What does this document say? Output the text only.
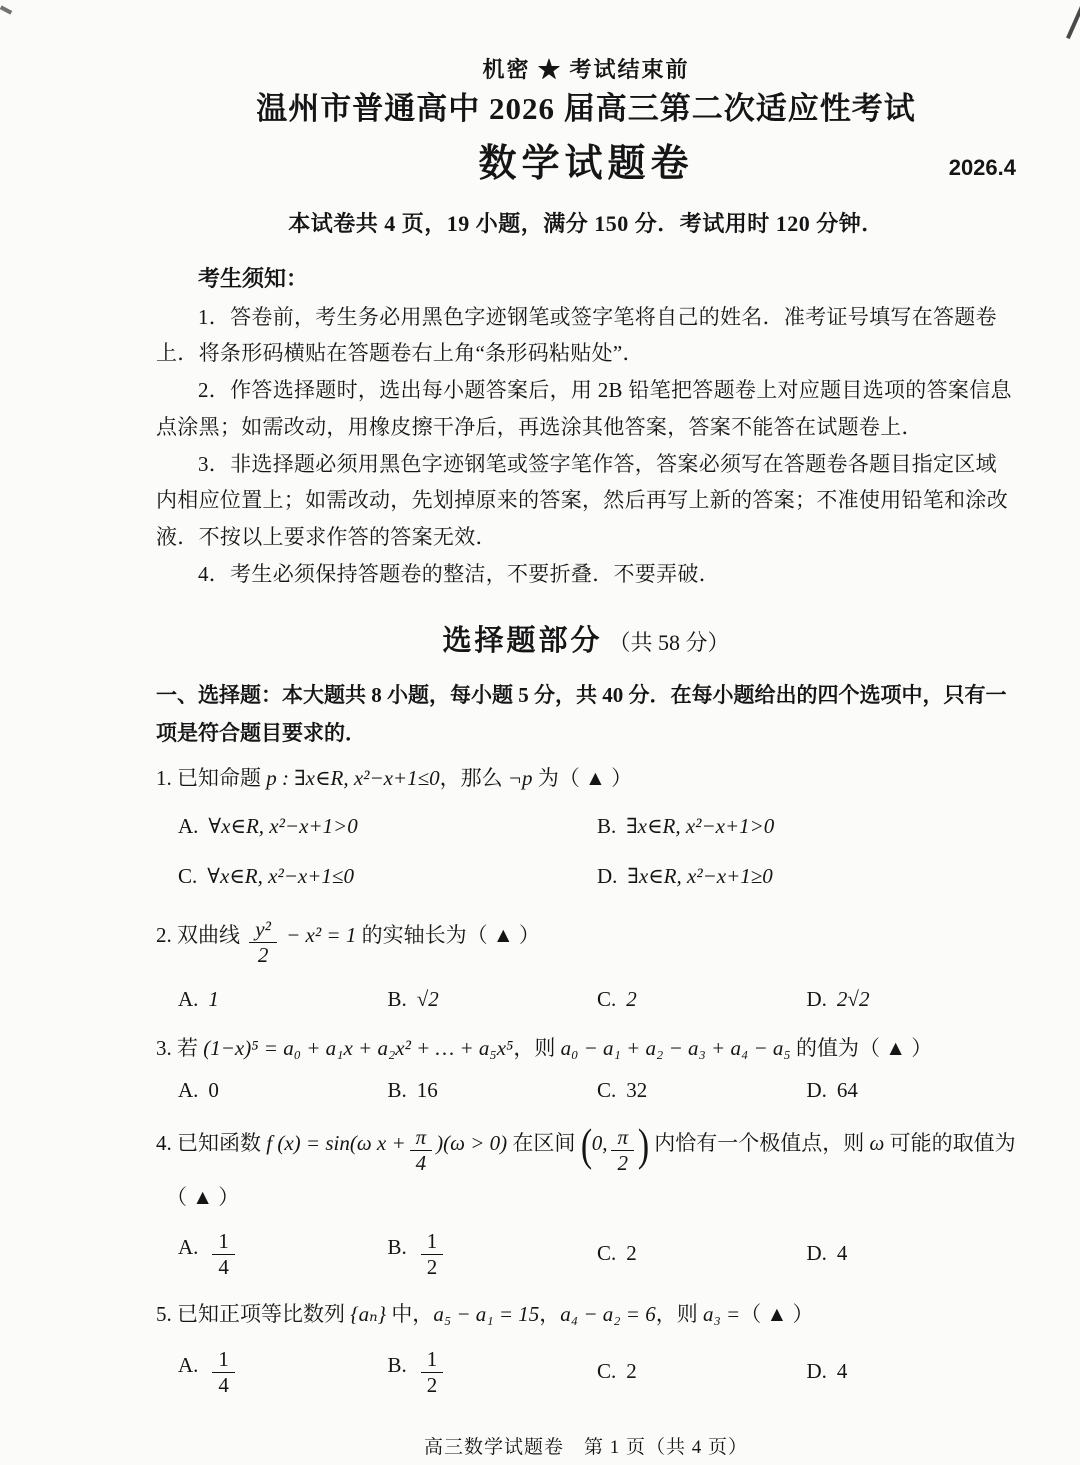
机密 ★ 考试结束前
温州市普通高中 2026 届高三第二次适应性考试
数学试题卷	2026.4
本试卷共 4 页，19 小题，满分 150 分．考试用时 120 分钟．
考生须知：

1．答卷前，考生务必用黑色字迹钢笔或签字笔将自己的姓名．准考证号填写在答题卷上．将条形码横贴在答题卷右上角“条形码粘贴处”．

2．作答选择题时，选出每小题答案后，用 2B 铅笔把答题卷上对应题目选项的答案信息点涂黑；如需改动，用橡皮擦干净后，再选涂其他答案，答案不能答在试题卷上．

3．非选择题必须用黑色字迹钢笔或签字笔作答，答案必须写在答题卷各题目指定区域内相应位置上；如需改动，先划掉原来的答案，然后再写上新的答案；不准使用铅笔和涂改液．不按以上要求作答的答案无效．

4．考生必须保持答题卷的整洁，不要折叠．不要弄破．

选择题部分 （共 58 分）
一、选择题：本大题共 8 小题，每小题 5 分，共 40 分．在每小题给出的四个选项中，只有一项是符合题目要求的．
1. 已知命题 p : ∃x∈R, x²−x+1≤0，那么 ¬p 为（ ▲ ）
A. ∀x∈R, x²−x+1>0	B. ∃x∈R, x²−x+1>0
C. ∀x∈R, x²−x+1≤0	D. ∃x∈R, x²−x+1≥0
2. 双曲线 $\frac{\text{y²}}{2} - x^2 = 1$ 的实轴长为（ ▲ ）
A. 1	B. √2	C. 2	D. 2√2
3. 若 (1−x)⁵ = a₀ + a₁x + a₂x² + … + a₅x⁵，则 a₀ − a₁ + a₂ − a₃ + a₄ − a₅ 的值为（ ▲ ）
A. 0	B. 16	C. 32	D. 64
4. 已知函数 f (x) = sin(ω $x + \frac{\pi}{4} )(\omega > 0)$ 在区间 (0, $\frac{\pi}{2}$ ) 内恰有一个极值点，则 ω 可能的取值为
（ ▲ ）
A. $\frac{1}{4}$	B. $\frac{1}{2}$	C. 2	D. 4
5. 已知正项等比数列 {aₙ} 中，a₅ − a₁ = 15，a₄ − a₂ = 6，则 a₃ =（ ▲ ）
A. $\frac{1}{4}$	B. $\frac{1}{2}$	C. 2	D. 4
高三数学试题卷　第 1 页（共 4 页）
